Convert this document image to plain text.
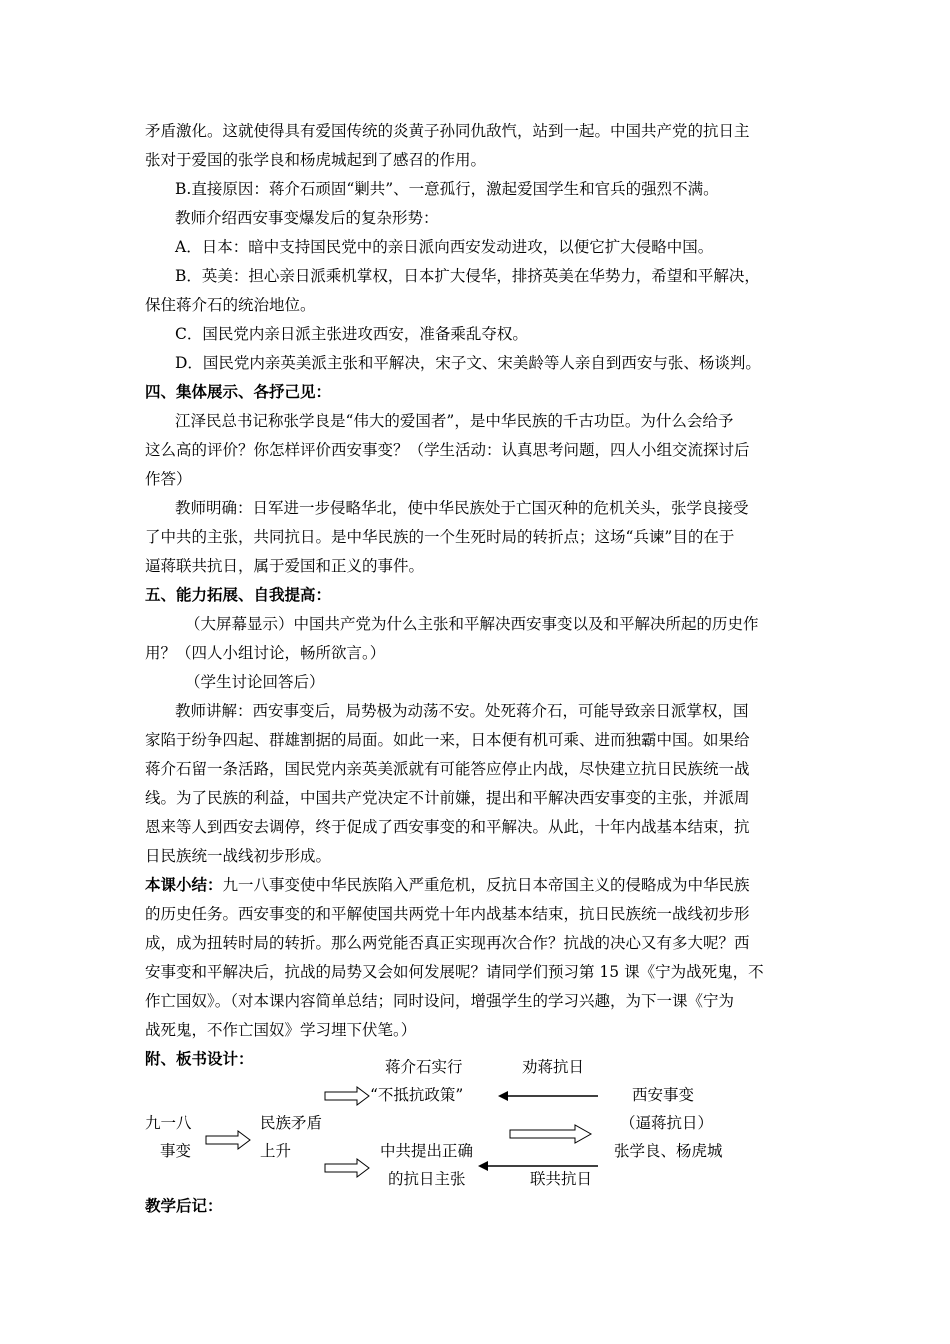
矛盾激化。这就使得具有爱国传统的炎黄子孙同仇敌忾，站到一起。中国共产党的抗日主
张对于爱国的张学良和杨虎城起到了感召的作用。
B.直接原因：蒋介石顽固“剿共”、一意孤行，激起爱国学生和官兵的强烈不满。
教师介绍西安事变爆发后的复杂形势：
A．日本：暗中支持国民党中的亲日派向西安发动进攻，以便它扩大侵略中国。
B．英美：担心亲日派乘机掌权，日本扩大侵华，排挤英美在华势力，希望和平解决，
保住蒋介石的统治地位。
C．国民党内亲日派主张进攻西安，准备乘乱夺权。
D．国民党内亲英美派主张和平解决，宋子文、宋美龄等人亲自到西安与张、杨谈判。
四、集体展示、各抒己见：
江泽民总书记称张学良是“伟大的爱国者”，是中华民族的千古功臣。为什么会给予
这么高的评价？你怎样评价西安事变？（学生活动：认真思考问题，四人小组交流探讨后
作答）
教师明确：日军进一步侵略华北，使中华民族处于亡国灭种的危机关头，张学良接受
了中共的主张，共同抗日。是中华民族的一个生死时局的转折点；这场“兵谏”目的在于
逼蒋联共抗日，属于爱国和正义的事件。
五、能力拓展、自我提高：
（大屏幕显示）中国共产党为什么主张和平解决西安事变以及和平解决所起的历史作
用？（四人小组讨论，畅所欲言。）
（学生讨论回答后）
教师讲解：西安事变后，局势极为动荡不安。处死蒋介石，可能导致亲日派掌权，国
家陷于纷争四起、群雄割据的局面。如此一来，日本便有机可乘、进而独霸中国。如果给
蒋介石留一条活路，国民党内亲英美派就有可能答应停止内战，尽快建立抗日民族统一战
线。为了民族的利益，中国共产党决定不计前嫌，提出和平解决西安事变的主张，并派周
恩来等人到西安去调停，终于促成了西安事变的和平解决。从此，十年内战基本结束，抗
日民族统一战线初步形成。
本课小结：九一八事变使中华民族陷入严重危机，反抗日本帝国主义的侵略成为中华民族
的历史任务。西安事变的和平解使国共两党十年内战基本结束，抗日民族统一战线初步形
成，成为扭转时局的转折。那么两党能否真正实现再次合作？抗战的决心又有多大呢？西
安事变和平解决后，抗战的局势又会如何发展呢？请同学们预习第 15 课《宁为战死鬼，不
作亡国奴》。（对本课内容简单总结；同时设问，增强学生的学习兴趣，为下一课《宁为
战死鬼，不作亡国奴》学习埋下伏笔。）
附、板书设计：
九一八
事变
民族矛盾
上升
蒋介石实行
“不抵抗政策”
中共提出正确
的抗日主张
劝蒋抗日
联共抗日
西安事变
（逼蒋抗日）
张学良、杨虎城
教学后记：
